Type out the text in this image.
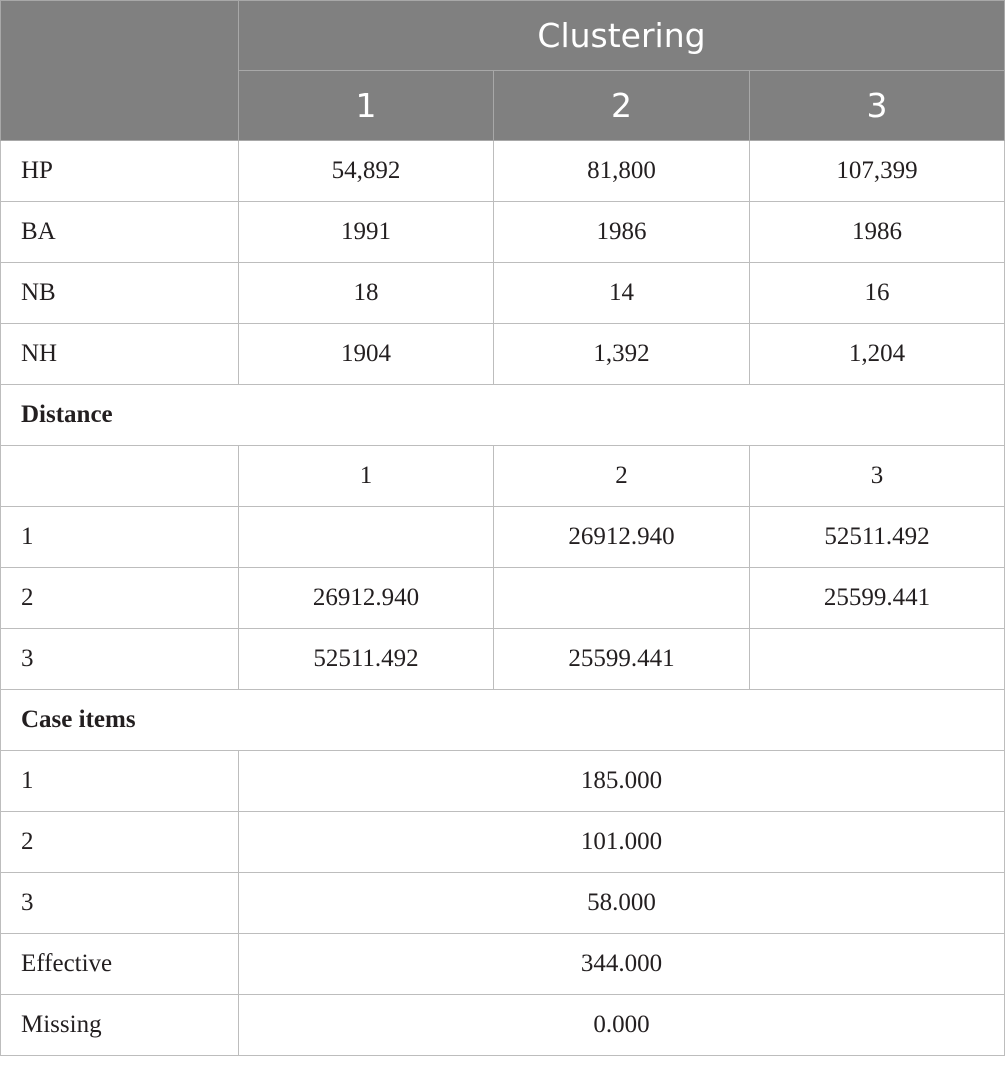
	Clustering		
	1	2	3
HP	54,892	81,800	107,399
BA	1991	1986	1986
NB	18	14	16
NH	1904	1,392	1,204
Distance			
	1	2	3
1		26912.940	52511.492
2	26912.940		25599.441
3	52511.492	25599.441	
Case items			
1	185.000		
2	101.000		
3	58.000		
Effective	344.000		
Missing	0.000		
